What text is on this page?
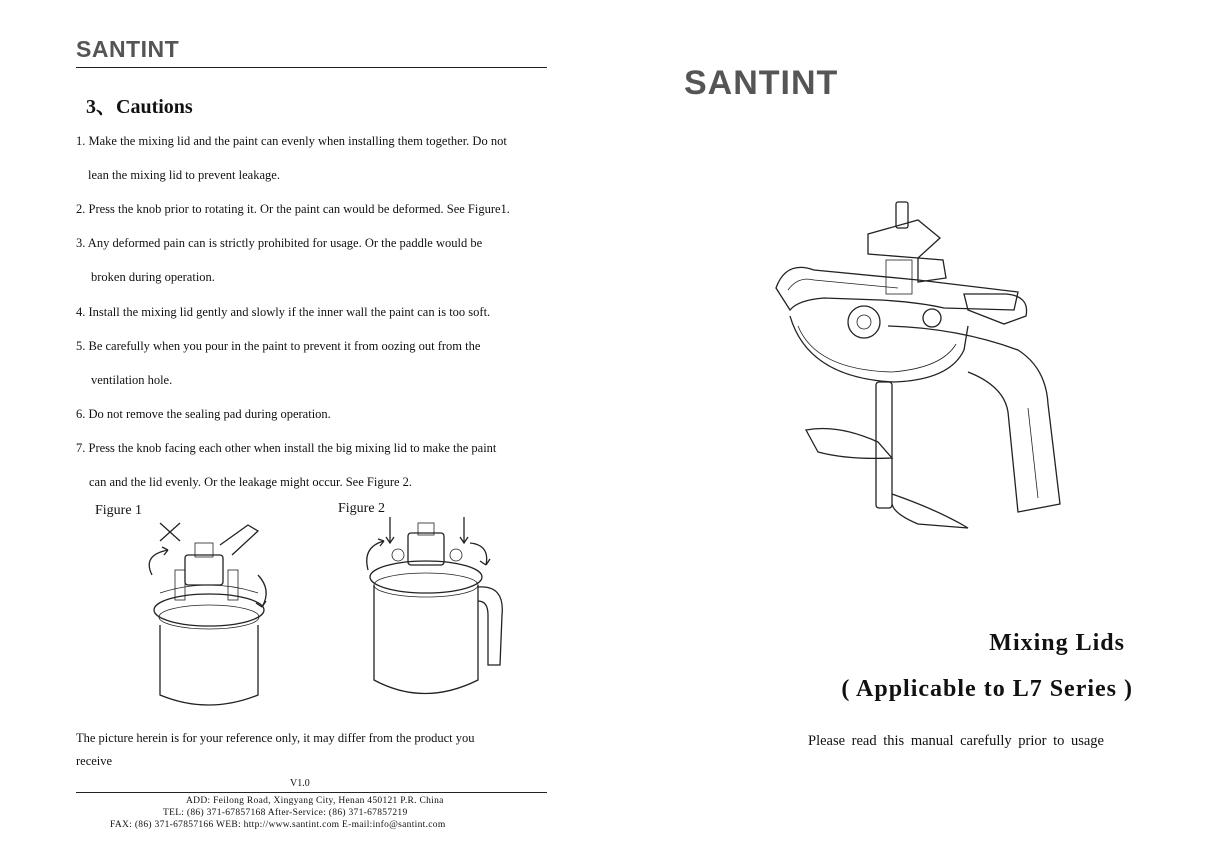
SANTINT
3、Cautions
1. Make the mixing lid and the paint can evenly when installing them together. Do not
lean the mixing lid to prevent leakage.
2. Press the knob prior to rotating it. Or the paint can would be deformed. See Figure1.
3. Any deformed pain can is strictly prohibited for usage. Or the paddle would be
broken during operation.
4. Install the mixing lid gently and slowly if the inner wall the paint can is too soft.
5. Be carefully when you pour in the paint to prevent it from oozing out from the
ventilation hole.
6. Do not remove the sealing pad during operation.
7. Press the knob facing each other when install the big mixing lid to make the paint
can and the lid evenly. Or the leakage might occur. See Figure 2.
Figure 1	Figure 2
The picture herein is for your reference only, it may differ from the product you
receive
V1.0
ADD: Feilong Road, Xingyang City, Henan 450121 P.R. China
TEL: (86) 371-67857168 After-Service: (86) 371-67857219
FAX: (86) 371-67857166 WEB: http://www.santint.com E-mail:info@santint.com
SANTINT
Mixing Lids
( Applicable to L7 Series )
Please read this manual carefully prior to usage
